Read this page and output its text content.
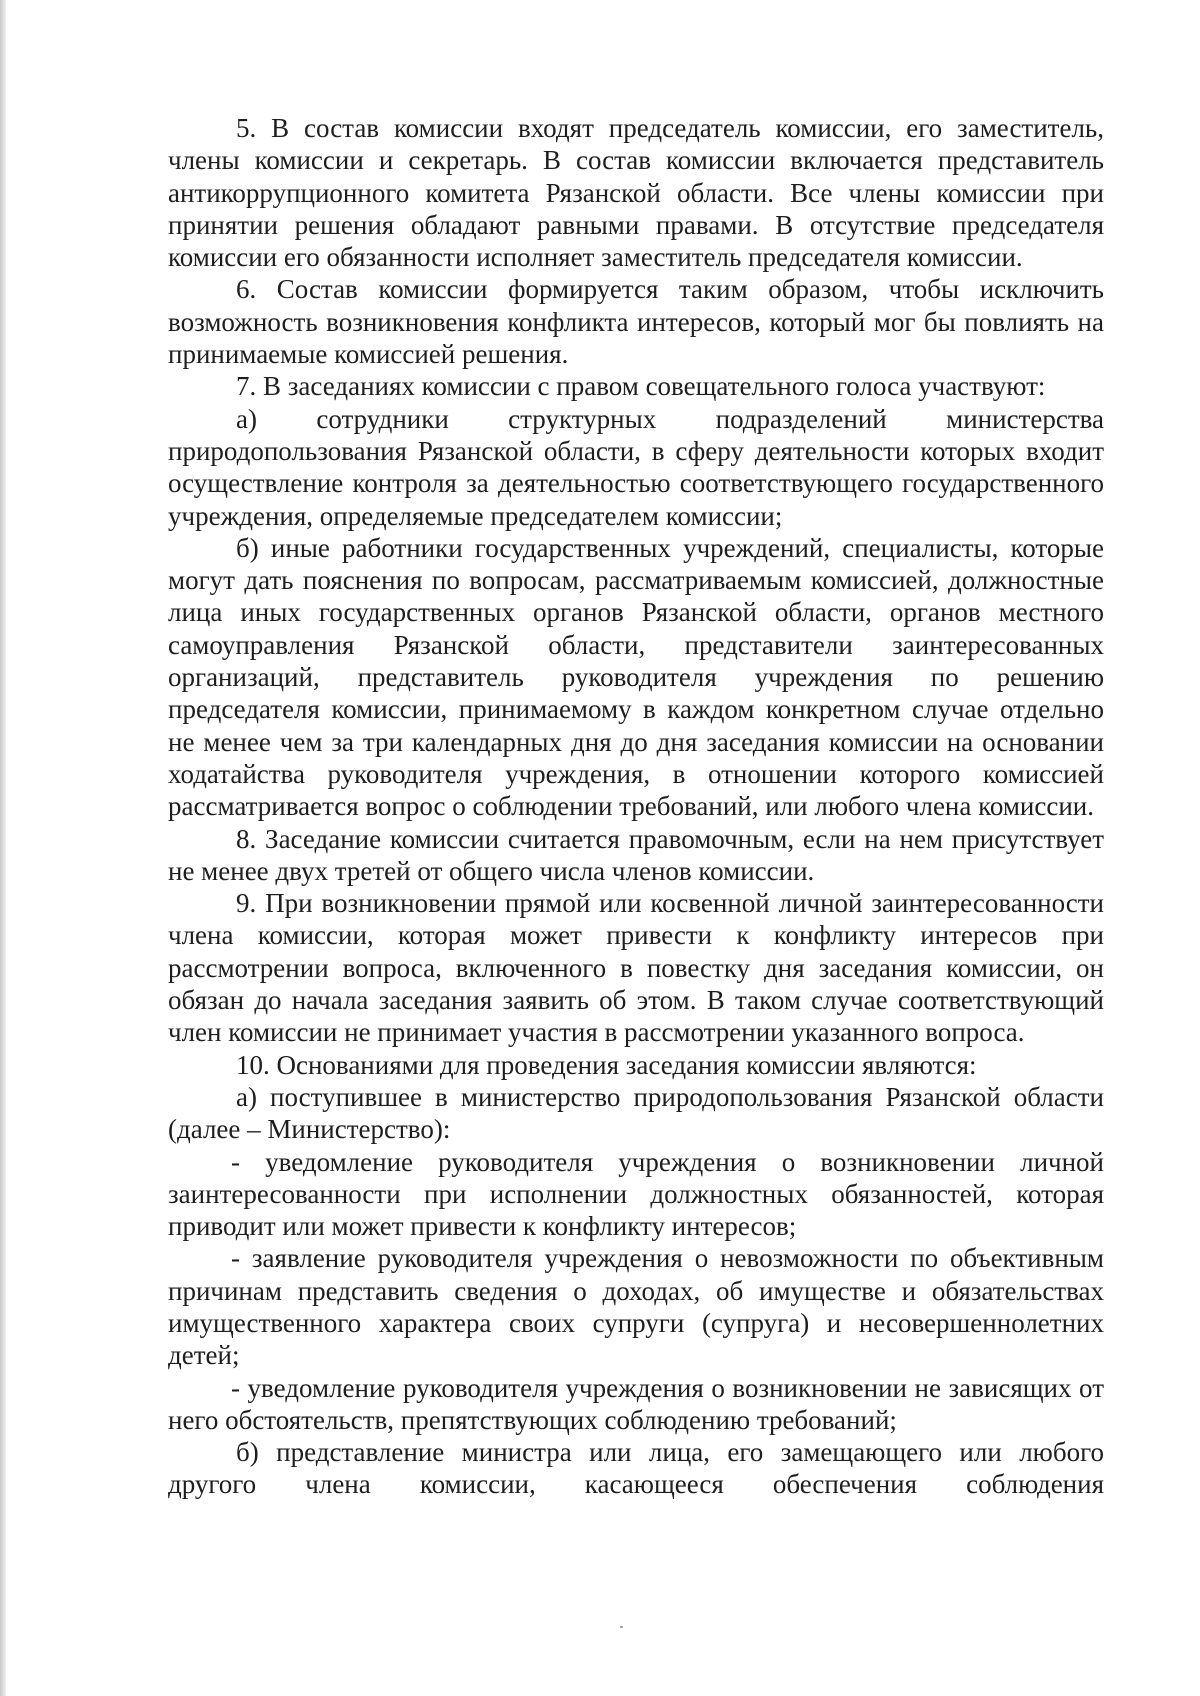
5. В состав комиссии входят председатель комиссии, его заместитель, члены комиссии и секретарь. В состав комиссии включается представитель антикоррупционного комитета Рязанской области. Все члены комиссии при принятии решения обладают равными правами. В отсутствие председателя комиссии его обязанности исполняет заместитель председателя комиссии.

6. Состав комиссии формируется таким образом, чтобы исключить возможность возникновения конфликта интересов, который мог бы повлиять на принимаемые комиссией решения.

7. В заседаниях комиссии с правом совещательного голоса участвуют:

а) сотрудники структурных подразделений министерства природопользования Рязанской области, в сферу деятельности которых входит осуществление контроля за деятельностью соответствующего государственного учреждения, определяемые председателем комиссии;

б) иные работники государственных учреждений, специалисты, которые могут дать пояснения по вопросам, рассматриваемым комиссией, должностные лица иных государственных органов Рязанской области, органов местного самоуправления Рязанской области, представители заинтересованных организаций, представитель руководителя учреждения по решению председателя комиссии, принимаемому в каждом конкретном случае отдельно не менее чем за три календарных дня до дня заседания комиссии на основании ходатайства руководителя учреждения, в отношении которого комиссией рассматривается вопрос о соблюдении требований, или любого члена комиссии.

8. Заседание комиссии считается правомочным, если на нем присутствует не менее двух третей от общего числа членов комиссии.

9. При возникновении прямой или косвенной личной заинтересованности члена комиссии, которая может привести к конфликту интересов при рассмотрении вопроса, включенного в повестку дня заседания комиссии, он обязан до начала заседания заявить об этом. В таком случае соответствующий член комиссии не принимает участия в рассмотрении указанного вопроса.

10. Основаниями для проведения заседания комиссии являются:

а) поступившее в министерство природопользования Рязанской области (далее – Министерство):

- уведомление руководителя учреждения о возникновении личной заинтересованности при исполнении должностных обязанностей, которая приводит или может привести к конфликту интересов;

- заявление руководителя учреждения о невозможности по объективным причинам представить сведения о доходах, об имуществе и обязательствах имущественного характера своих супруги (супруга) и несовершеннолетних детей;

- уведомление руководителя учреждения о возникновении не зависящих от него обстоятельств, препятствующих соблюдению требований;

б) представление министра или лица, его замещающего или любого другого члена комиссии, касающееся обеспечения соблюдения
